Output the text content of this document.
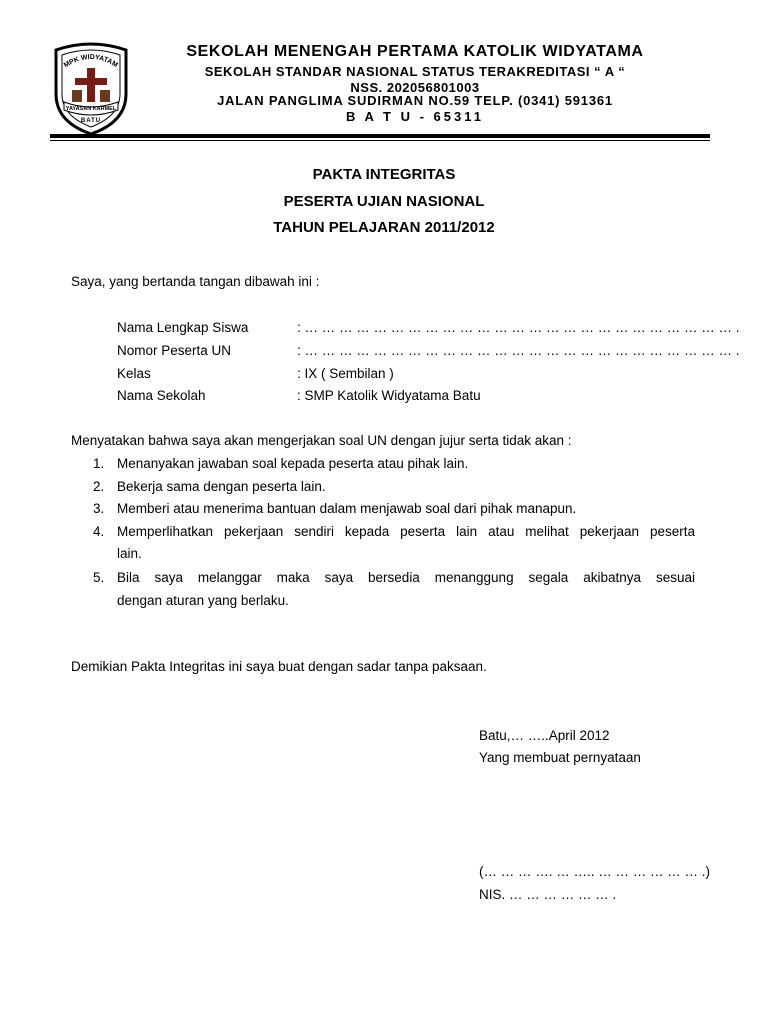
MPK WIDYATAM
YAYASAN KARMEL
BATU
SEKOLAH MENENGAH PERTAMA KATOLIK WIDYATAMA
SEKOLAH STANDAR NASIONAL STATUS TERAKREDITASI “ A “
NSS. 202056801003
JALAN PANGLIMA SUDIRMAN NO.59 TELP. (0341) 591361
B A T U - 65311
PAKTA INTEGRITAS
PESERTA UJIAN NASIONAL
TAHUN PELAJARAN 2011/2012
Saya, yang bertanda tangan dibawah ini :
Nama Lengkap Siswa	: … … … … … … … … … … … … … … … … … … … … … … … … … .
Nomor Peserta UN	: … … … … … … … … … … … … … … … … … … … … … … … … … .
Kelas	: IX ( Sembilan )
Nama Sekolah	: SMP Katolik Widyatama Batu
Menyatakan bahwa saya akan mengerjakan soal UN dengan jujur serta tidak akan :
1. Menanyakan jawaban soal kepada peserta atau pihak lain.
2. Bekerja sama dengan peserta lain.
3. Memberi atau menerima bantuan dalam menjawab soal dari pihak manapun.
4. Memperlihatkan pekerjaan sendiri kepada peserta lain atau melihat pekerjaan peserta
lain.
5. Bila saya melanggar maka saya bersedia menanggung segala akibatnya sesuai
dengan aturan yang berlaku.
Demikian Pakta Integritas ini saya buat dengan sadar tanpa paksaan.
Batu,… …..April 2012
Yang membuat pernyataan
(… … … …. … ….. … … … … … … .)
NIS. … … … … … … .
